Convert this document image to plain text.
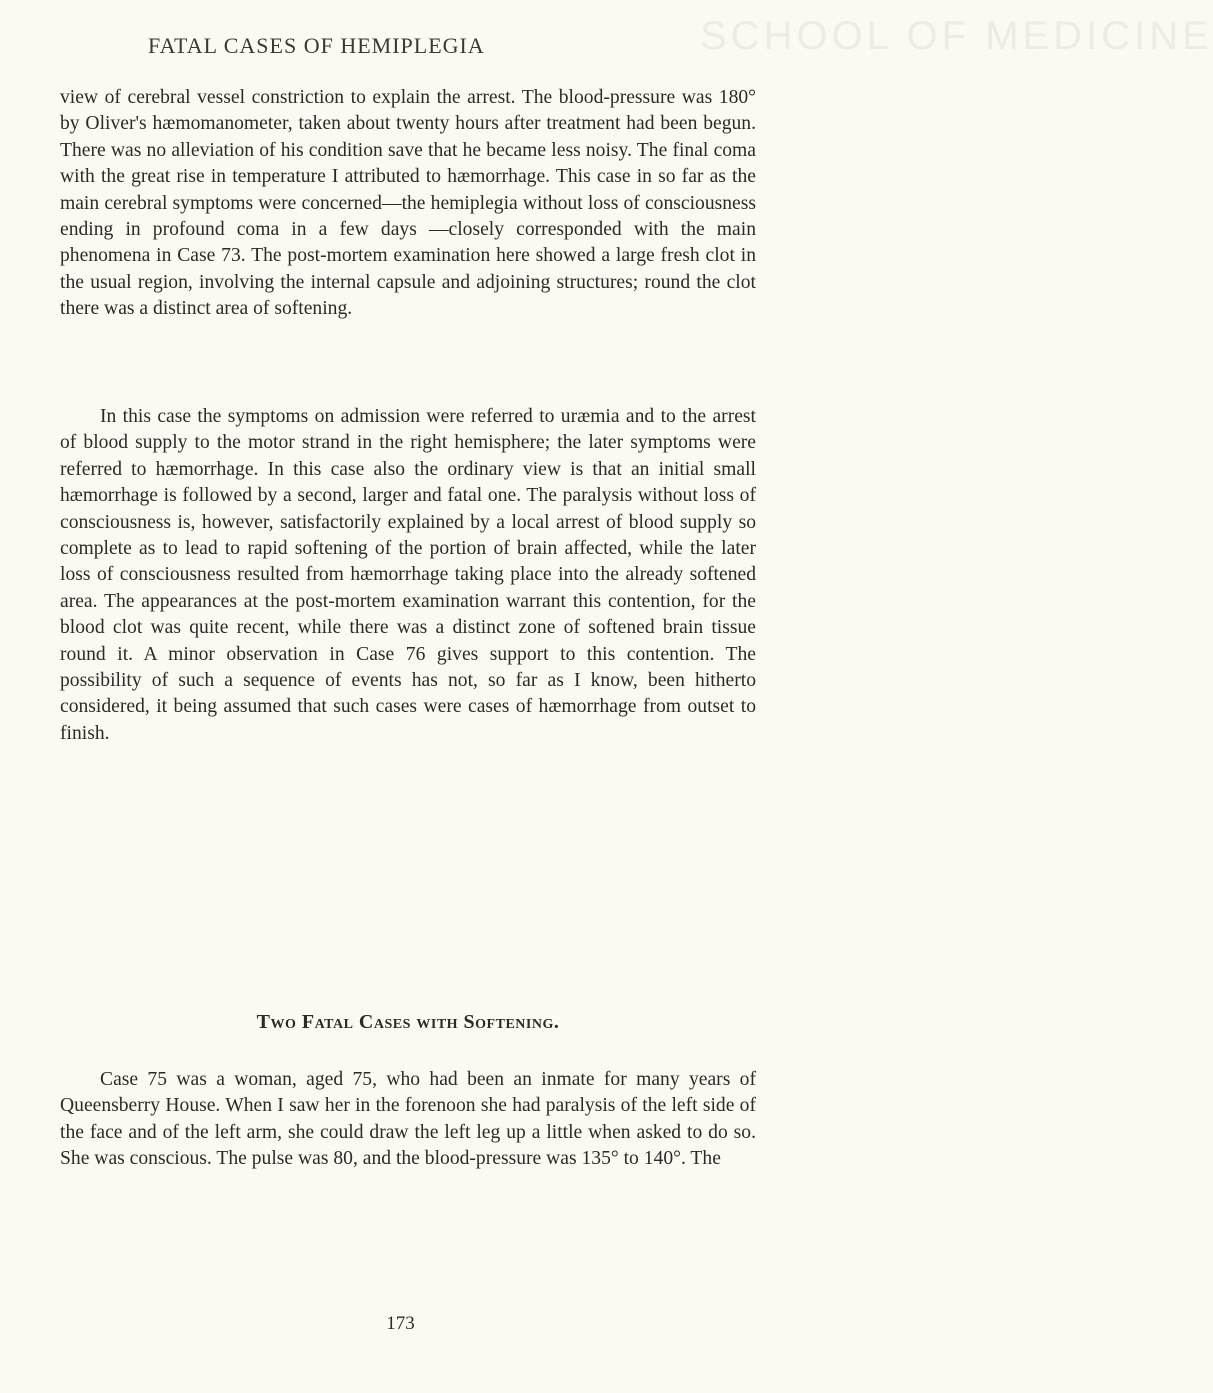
SCHOOL OF MEDICINE
FATAL CASES OF HEMIPLEGIA

view of cerebral vessel constriction to explain the arrest. The blood-pressure was 180° by Oliver's hæmomanometer, taken about twenty hours after treatment had been begun. There was no alleviation of his condition save that he became less noisy. The final coma with the great rise in temperature I attributed to hæmorrhage. This case in so far as the main cerebral symptoms were concerned—the hemiplegia without loss of consciousness ending in profound coma in a few days —closely corresponded with the main phenomena in Case 73. The post-mortem examination here showed a large fresh clot in the usual region, involving the internal capsule and adjoining structures; round the clot there was a distinct area of softening.

In this case the symptoms on admission were referred to uræmia and to the arrest of blood supply to the motor strand in the right hemisphere; the later symptoms were referred to hæmorrhage. In this case also the ordinary view is that an initial small hæmorrhage is followed by a second, larger and fatal one. The paralysis without loss of consciousness is, however, satisfactorily explained by a local arrest of blood supply so complete as to lead to rapid softening of the portion of brain affected, while the later loss of consciousness resulted from hæmorrhage taking place into the already softened area. The appearances at the post-mortem examination warrant this contention, for the blood clot was quite recent, while there was a distinct zone of softened brain tissue round it. A minor observation in Case 76 gives support to this contention. The possibility of such a sequence of events has not, so far as I know, been hitherto considered, it being assumed that such cases were cases of hæmorrhage from outset to finish.

Two Fatal Cases with Softening.

Case 75 was a woman, aged 75, who had been an inmate for many years of Queensberry House. When I saw her in the forenoon she had paralysis of the left side of the face and of the left arm, she could draw the left leg up a little when asked to do so. She was conscious. The pulse was 80, and the blood-pressure was 135° to 140°. The

173
